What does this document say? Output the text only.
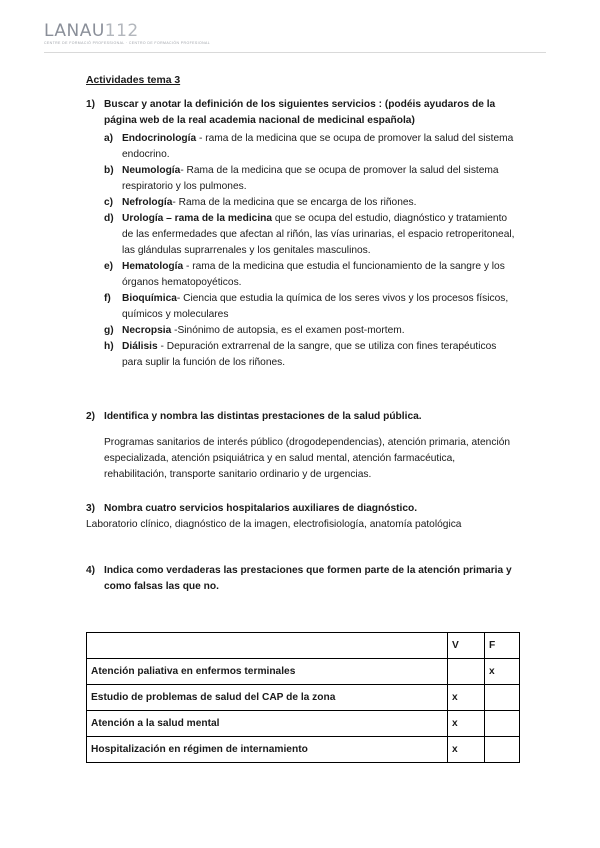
LANAU112
CENTRE DE FORMACIÓ PROFESSIONAL · CENTRO DE FORMACIÓN PROFESIONAL
Actividades tema 3
1) Buscar y anotar la definición de los siguientes servicios : (podéis ayudaros de la página web de la real academia nacional de medicinal española)
a) Endocrinología - rama de la medicina que se ocupa de promover la salud del sistema endocrino.
b) Neumología- Rama de la medicina que se ocupa de promover la salud del sistema respiratorio y los pulmones.
c) Nefrología- Rama de la medicina que se encarga de los riñones.
d) Urología – rama de la medicina que se ocupa del estudio, diagnóstico y tratamiento de las enfermedades que afectan al riñón, las vías urinarias, el espacio retroperitoneal, las glándulas suprarrenales y los genitales masculinos.
e) Hematología - rama de la medicina que estudia el funcionamiento de la sangre y los órganos hematopoyéticos.
f)	Bioquímica- Ciencia que estudia la química de los seres vivos y los procesos físicos, químicos y moleculares
g) Necropsia -Sinónimo de autopsia, es el examen post-mortem.
h) Diálisis - Depuración extrarrenal de la sangre, que se utiliza con fines terapéuticos para suplir la función de los riñones.
2) Identifica y nombra las distintas prestaciones de la salud pública.
Programas sanitarios de interés público (drogodependencias), atención primaria, atención especializada, atención psiquiátrica y en salud mental, atención farmacéutica, rehabilitación, transporte sanitario ordinario y de urgencias.
3) Nombra cuatro servicios hospitalarios auxiliares de diagnóstico.
Laboratorio clínico, diagnóstico de la imagen, electrofisiología, anatomía patológica
4) Indica como verdaderas las prestaciones que formen parte de la atención primaria y como falsas las que no.
	V	F
Atención paliativa en enfermos terminales		x
Estudio de problemas de salud del CAP de la zona	x	
Atención a la salud mental	x	
Hospitalización en régimen de internamiento	x	
